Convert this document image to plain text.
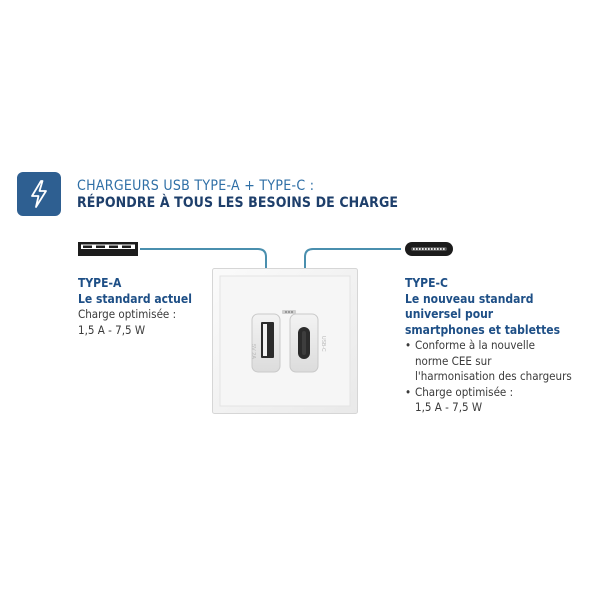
CHARGEURS USB TYPE-A + TYPE-C :
RÉPONDRE À TOUS LES BESOINS DE CHARGE
TYPE-A
Le standard actuel
Charge optimisée :
1,5 A - 7,5 W
TYPE-C
Le nouveau standard
universel pour
smartphones et tablettes
• Conforme à la nouvelle
norme CEE sur
l'harmonisation des chargeurs
• Charge optimisée :
1,5 A - 7,5 W
5V 2A	USB-C
